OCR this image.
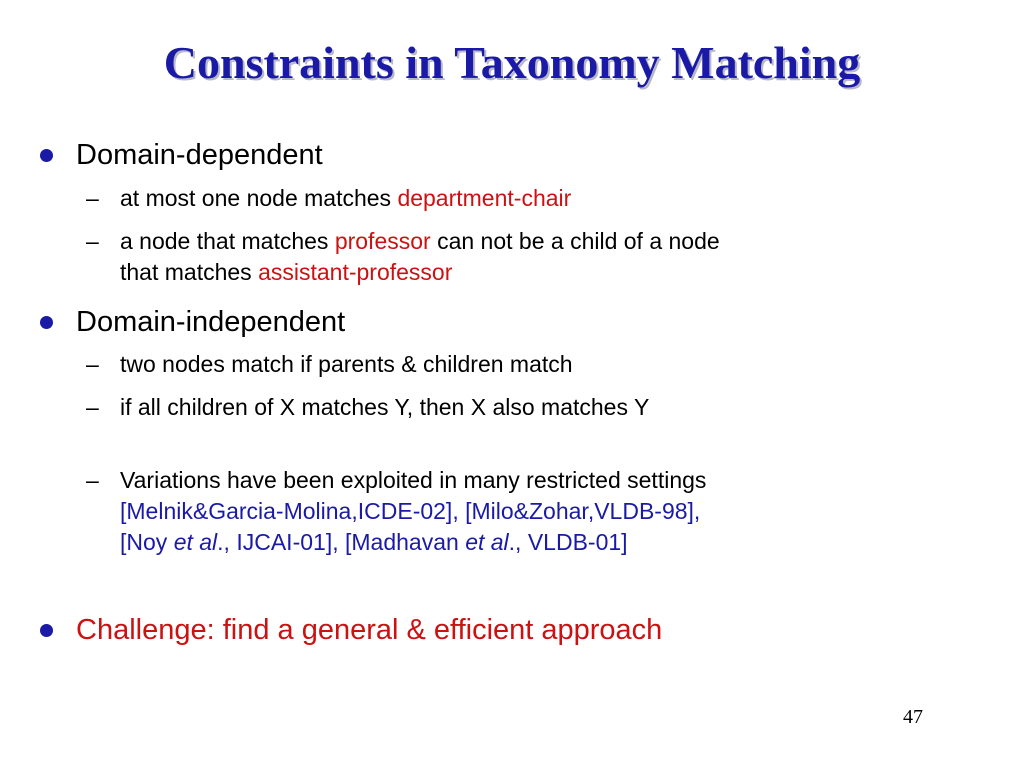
Constraints in Taxonomy Matching
Domain-dependent
– at most one node matches department-chair
– a node that matches professor can not be a child of a node
that matches assistant-professor
Domain-independent
– two nodes match if parents & children match
– if all children of X matches Y, then X also matches Y
– Variations have been exploited in many restricted settings
[Melnik&Garcia-Molina,ICDE-02], [Milo&Zohar,VLDB-98],
[Noy et al., IJCAI-01], [Madhavan et al., VLDB-01]
Challenge: find a general & efficient approach
47
